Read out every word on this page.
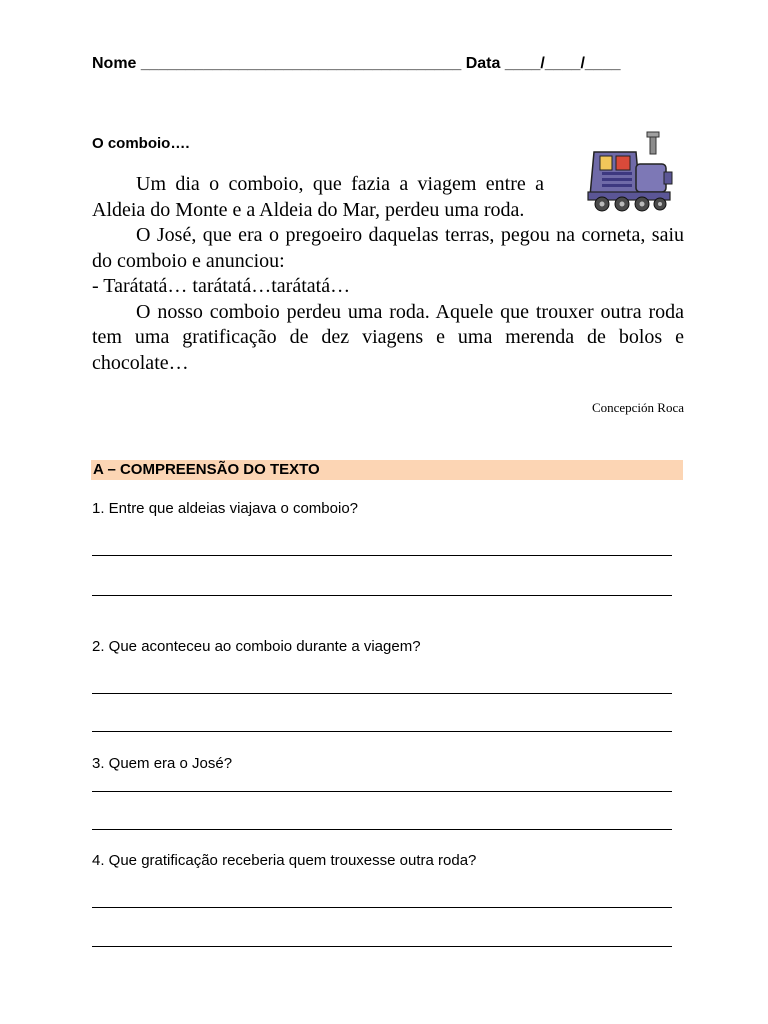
Nome ____________________________________ Data ____/____/____
O comboio….

Um dia o comboio, que fazia a viagem entre a Aldeia do Monte e a Aldeia do Mar, perdeu uma roda.

O José, que era o pregoeiro daquelas terras, pegou na corneta, saiu do comboio e anunciou:

- Tarátatá… tarátatá…tarátatá…

O nosso comboio perdeu uma roda. Aquele que trouxer outra roda tem uma gratificação de dez viagens e uma merenda de bolos e chocolate…

Concepción Roca
A – COMPREENSÃO DO TEXTO
1. Entre que aldeias viajava o comboio?
2. Que aconteceu ao comboio durante a viagem?
3. Quem era o José?
4. Que gratificação receberia quem trouxesse outra roda?
